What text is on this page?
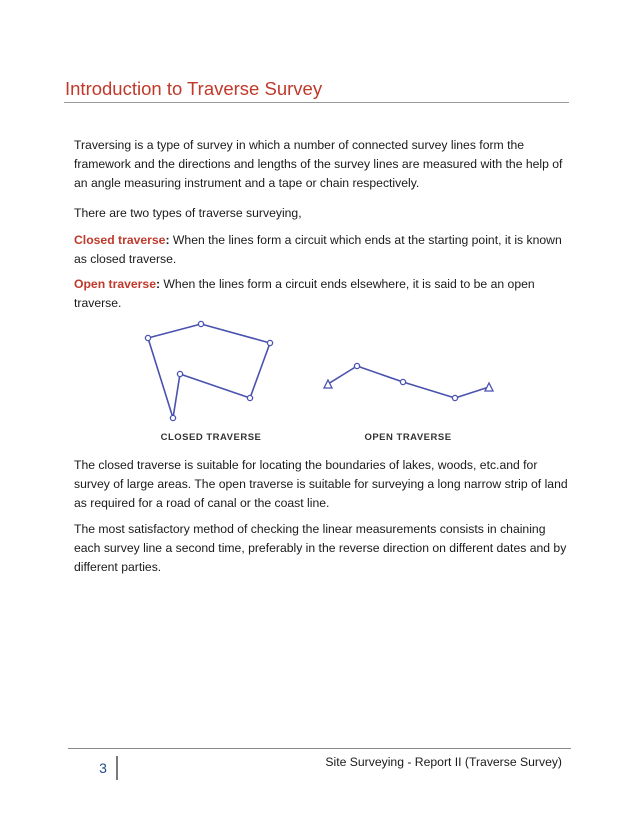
Introduction to Traverse Survey

Traversing is a type of survey in which a number of connected survey lines form the framework and the directions and lengths of the survey lines are measured with the help of an angle measuring instrument and a tape or chain respectively.

There are two types of traverse surveying,

Closed traverse: When the lines form a circuit which ends at the starting point, it is known as closed traverse.

Open traverse: When the lines form a circuit ends elsewhere, it is said to be an open traverse.

CLOSED TRAVERSE	OPEN TRAVERSE

The closed traverse is suitable for locating the boundaries of lakes, woods, etc.and for survey of large areas. The open traverse is suitable for surveying a long narrow strip of land as required for a road of canal or the coast line.

The most satisfactory method of checking the linear measurements consists in chaining each survey line a second time, preferably in the reverse direction on different dates and by different parties.

3	Site Surveying - Report II (Traverse Survey)
